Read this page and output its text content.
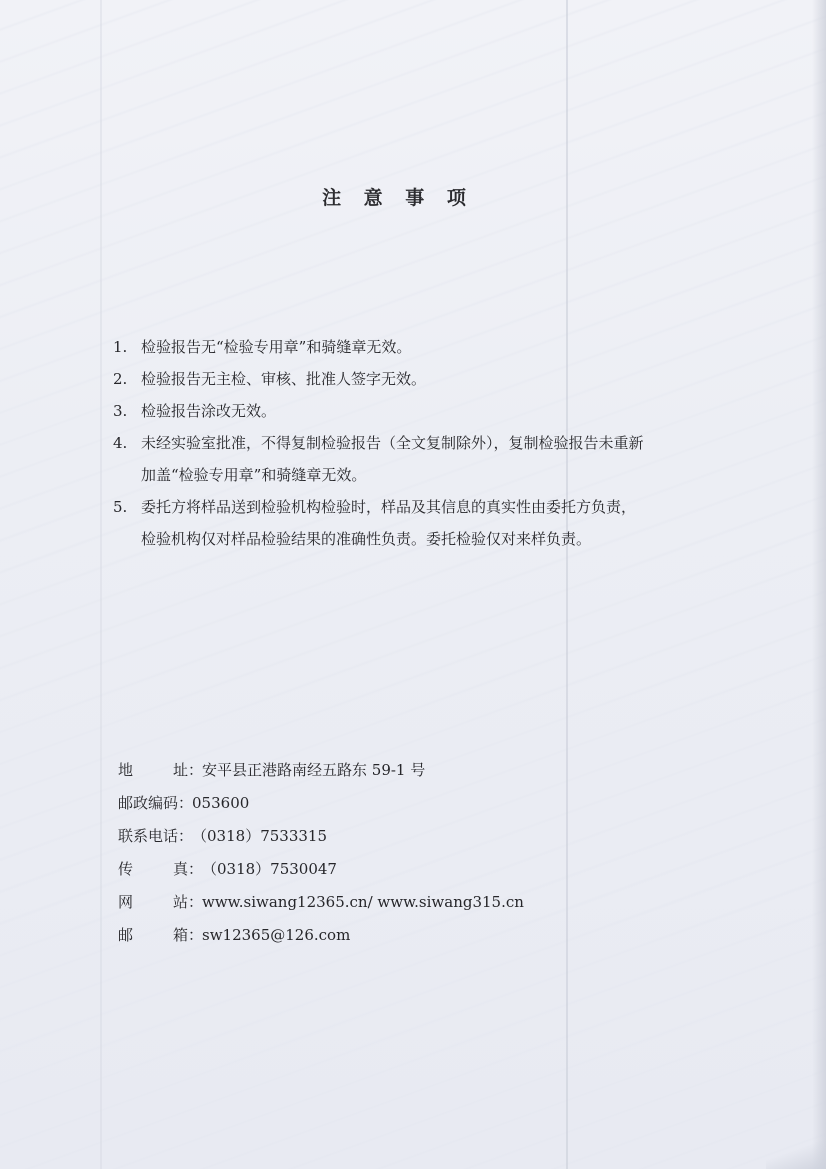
注 意 事 项
1. 检验报告无“检验专用章”和骑缝章无效。
2. 检验报告无主检、审核、批准人签字无效。
3. 检验报告涂改无效。
4. 未经实验室批准，不得复制检验报告（全文复制除外），复制检验报告未重新
加盖“检验专用章”和骑缝章无效。
5. 委托方将样品送到检验机构检验时，样品及其信息的真实性由委托方负责，
检验机构仅对样品检验结果的准确性负责。委托检验仅对来样负责。
地	址 ：安平县正港路南经五路东 59-1 号
邮政编码：053600
联系电话：（0318）7533315
传	真 ：（0318）7530047
网	站 ：www.siwang12365.cn/ www.siwang315.cn
邮	箱 ：sw12365@126.com
